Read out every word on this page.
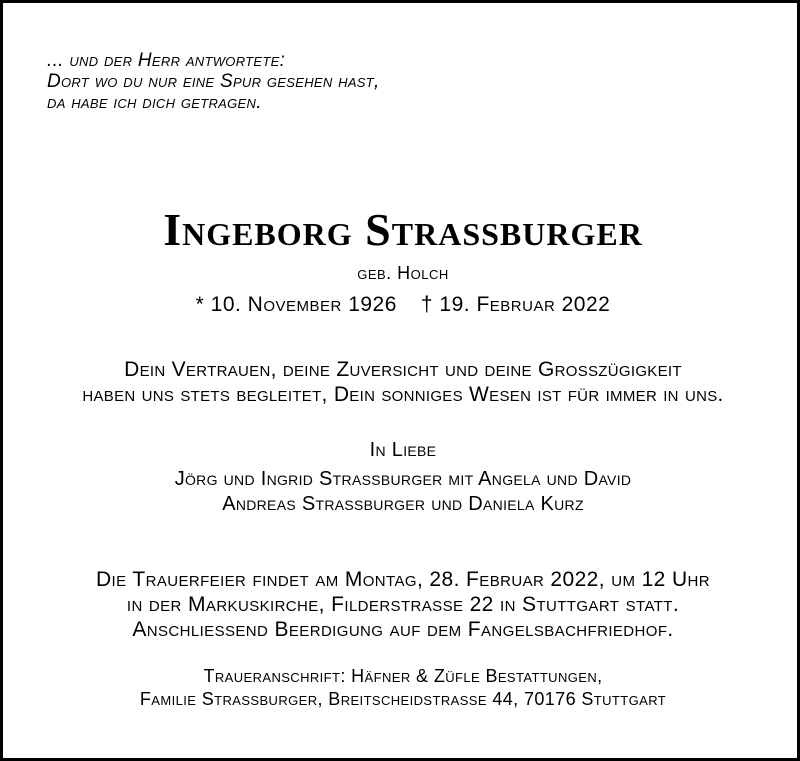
... und der Herr antwortete:
Dort wo du nur eine Spur gesehen hast,
da habe ich dich getragen.
Ingeborg Strassburger
geb. Holch
* 10. November 1926 † 19. Februar 2022
Dein Vertrauen, deine Zuversicht und deine Grosszügigkeit
haben uns stets begleitet, Dein sonniges Wesen ist für immer in uns.
In Liebe
Jörg und Ingrid Strassburger mit Angela und David
Andreas Strassburger und Daniela Kurz
Die Trauerfeier findet am Montag, 28. Februar 2022, um 12 Uhr
in der Markuskirche, Filderstrasse 22 in Stuttgart statt.
Anschliessend Beerdigung auf dem Fangelsbachfriedhof.
Traueranschrift: Häfner & Züfle Bestattungen,
Familie Strassburger, Breitscheidstrasse 44, 70176 Stuttgart
